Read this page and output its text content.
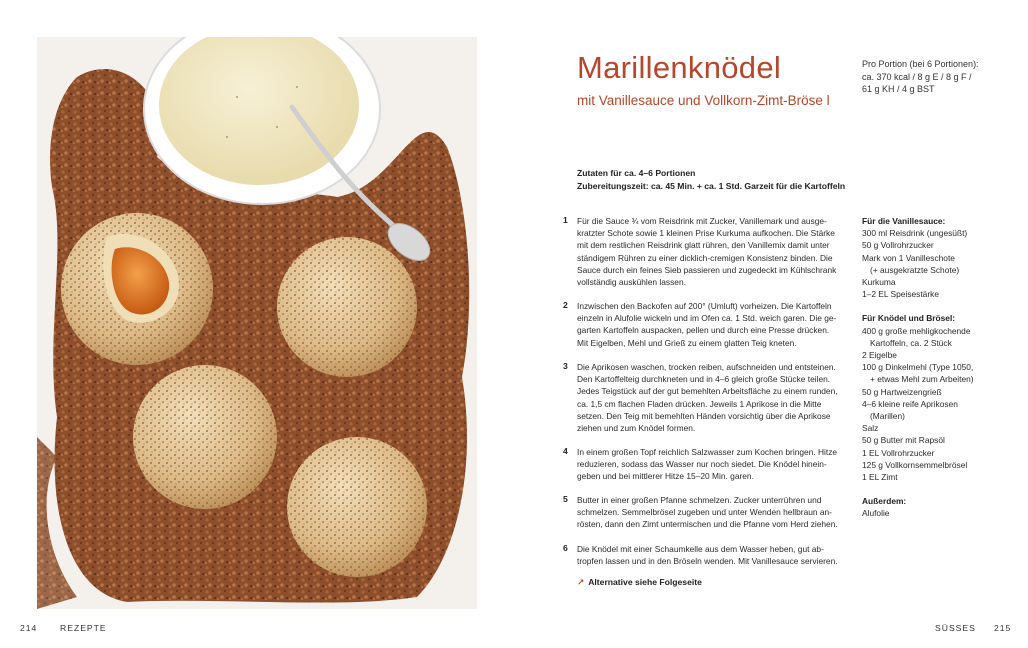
Marillenknödel
mit Vanillesauce und Vollkorn-Zimt-Bröse l
Pro Portion (bei 6 Portionen):
ca. 370 kcal / 8 g E / 8 g F /
61 g KH / 4 g BST
Zutaten für ca. 4–6 Portionen
Zubereitungszeit: ca. 45 Min. + ca. 1 Std. Garzeit für die Kartoffeln
1 Für die Sauce ¾ vom Reisdrink mit Zucker, Vanillemark und ausge-
kratzter Schote sowie 1 kleinen Prise Kurkuma aufkochen. Die Stärke
mit dem restlichen Reisdrink glatt rühren, den Vanillemix damit unter
ständigem Rühren zu einer dicklich-cremigen Konsistenz binden. Die
Sauce durch ein feines Sieb passieren und zugedeckt im Kühlschrank
vollständig auskühlen lassen.
2 Inzwischen den Backofen auf 200° (Umluft) vorheizen. Die Kartoffeln
einzeln in Alufolie wickeln und im Ofen ca. 1 Std. weich garen. Die ge-
garten Kartoffeln auspacken, pellen und durch eine Presse drücken.
Mit Eigelben, Mehl und Grieß zu einem glatten Teig kneten.
3 Die Aprikosen waschen, trocken reiben, aufschneiden und entsteinen.
Den Kartoffelteig durchkneten und in 4–6 gleich große Stücke teilen.
Jedes Teigstück auf der gut bemehlten Arbeitsfläche zu einem runden,
ca. 1,5 cm flachen Fladen drücken. Jeweils 1 Aprikose in die Mitte
setzen. Den Teig mit bemehlten Händen vorsichtig über die Aprikose
ziehen und zum Knödel formen.
4 In einem großen Topf reichlich Salzwasser zum Kochen bringen. Hitze
reduzieren, sodass das Wasser nur noch siedet. Die Knödel hinein-
geben und bei mittlerer Hitze 15–20 Min. garen.
5 Butter in einer großen Pfanne schmelzen. Zucker unterrühren und
schmelzen. Semmelbrösel zugeben und unter Wenden hellbraun an-
rösten, dann den Zimt untermischen und die Pfanne vom Herd ziehen.
6 Die Knödel mit einer Schaumkelle aus dem Wasser heben, gut ab-
tropfen lassen und in den Bröseln wenden. Mit Vanillesauce servieren.
↗ Alternative siehe Folgeseite
Für die Vanillesauce:
300 ml Reisdrink (ungesüßt)
50 g Vollrohrzucker
Mark von 1 Vanilleschote
(+ ausgekratzte Schote)
Kurkuma
1–2 EL Speisestärke
Für Knödel und Brösel:
400 g große mehligkochende
Kartoffeln, ca. 2 Stück
2 Eigelbe
100 g Dinkelmehl (Type 1050,
+ etwas Mehl zum Arbeiten)
50 g Hartweizengrieß
4–6 kleine reife Aprikosen
(Marillen)
Salz
50 g Butter mit Rapsöl
1 EL Vollrohrzucker
125 g Vollkornsemmelbrösel
1 EL Zimt
Außerdem:
Alufolie
214	REZEPTE	SÜSSES 215
